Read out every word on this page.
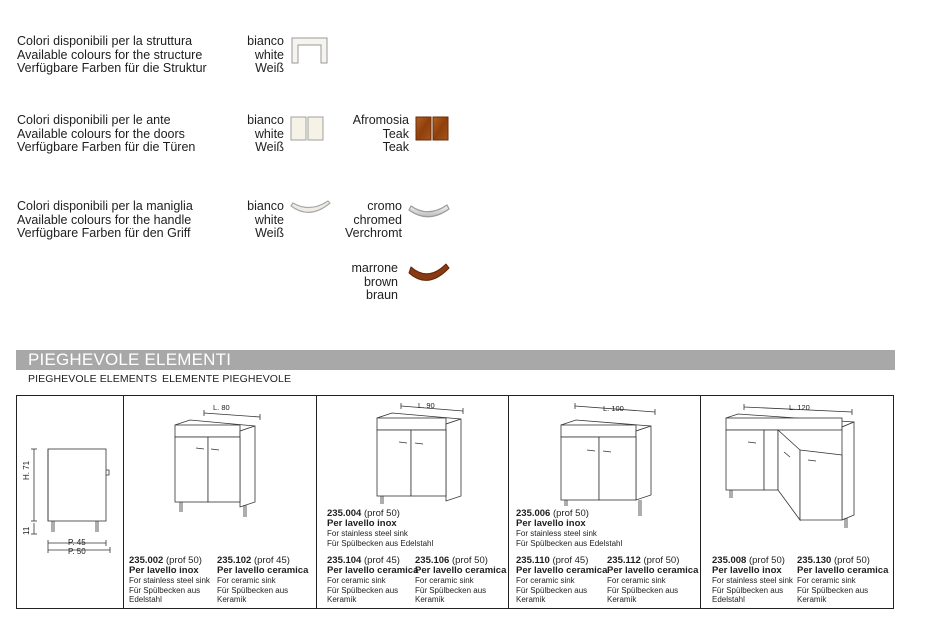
Colori disponibili per la struttura
Available colours for the structure
Verfügbare Farben für die Struktur
bianco
white
Weiß
Colori disponibili per le ante
Available colours for the doors
Verfügbare Farben für die Türen
bianco
white
Weiß
Afromosia
Teak
Teak
Colori disponibili per la maniglia
Available colours for the handle
Verfügbare Farben für den Griff
bianco
white
Weiß
cromo
chromed
Verchromt
marrone
brown
braun
PIEGHEVOLE ELEMENTI
PIEGHEVOLE ELEMENTS ELEMENTE PIEGHEVOLE
H. 71
11
P. 45
P. 50
L. 80	L. 90	L. 100	L. 120
235.002 (prof 50)
Per lavello inox
For stainless steel sink
Für Spülbecken aus
Edelstahl
235.102 (prof 45)
Per lavello ceramica
For ceramic sink
Für Spülbecken aus
Keramik
235.004 (prof 50)
Per lavello inox
For stainless steel sink
Für Spülbecken aus Edelstahl
235.104 (prof 45)
Per lavello ceramica
For ceramic sink
Für Spülbecken aus
Keramik
235.106 (prof 50)
Per lavello ceramica
For ceramic sink
Für Spülbecken aus
Keramik
235.006 (prof 50)
Per lavello inox
For stainless steel sink
Für Spülbecken aus Edelstahl
235.110 (prof 45)
Per lavello ceramica
For ceramic sink
Für Spülbecken aus
Keramik
235.112 (prof 50)
Per lavello ceramica
For ceramic sink
Für Spülbecken aus
Keramik
235.008 (prof 50)
Per lavello inox
For stainless steel sink
Für Spülbecken aus
Edelstahl
235.130 (prof 50)
Per lavello ceramica
For ceramic sink
Für Spülbecken aus
Keramik
